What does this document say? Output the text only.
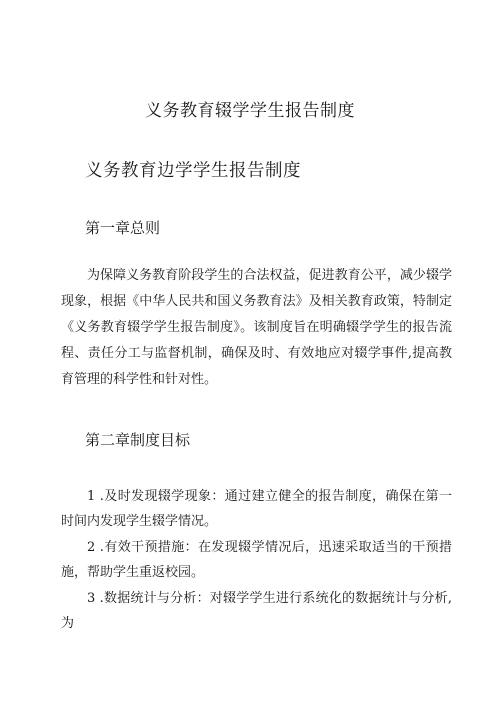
义务教育辍学学生报告制度
义务教育边学学生报告制度
第一章总则

为保障义务教育阶段学生的合法权益，促进教育公平，减少辍学现象，根据《中华人民共和国义务教育法》及相关教育政策，特制定《义务教育辍学学生报告制度》。该制度旨在明确辍学学生的报告流程、责任分工与监督机制，确保及时、有效地应对辍学事件,提高教育管理的科学性和针对性。

第二章制度目标

1 .及时发现辍学现象：通过建立健全的报告制度，确保在第一时间内发现学生辍学情况。

2 .有效干预措施：在发现辍学情况后，迅速采取适当的干预措施，帮助学生重返校园。

3 .数据统计与分析：对辍学学生进行系统化的数据统计与分析,为
